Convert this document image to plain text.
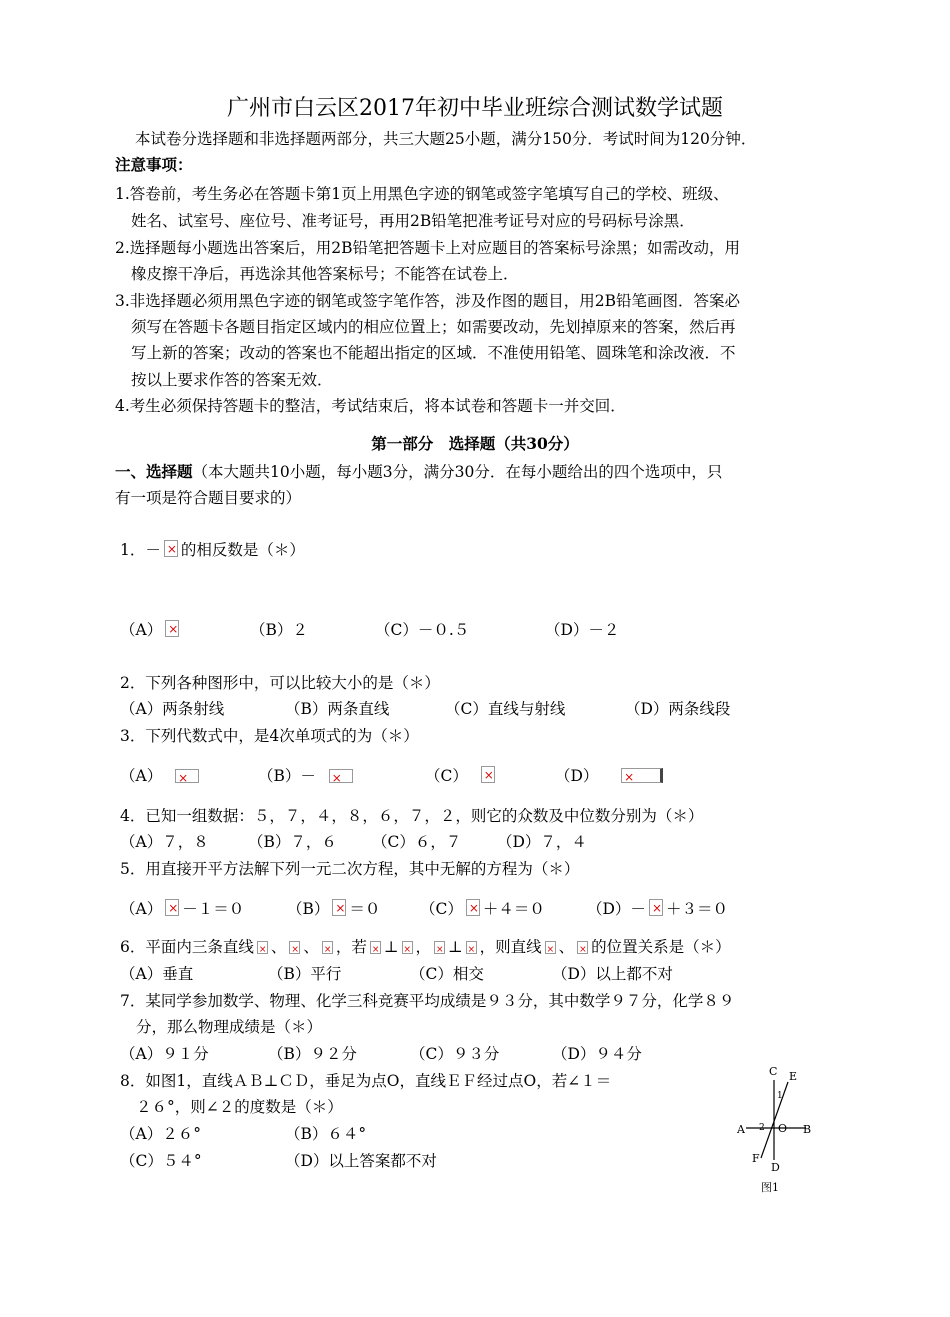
广州市白云区2017年初中毕业班综合测试数学试题
本试卷分选择题和非选择题两部分，共三大题25小题，满分150分．考试时间为120分钟．
注意事项：
1.答卷前，考生务必在答题卡第1页上用黑色字迹的钢笔或签字笔填写自己的学校、班级、
姓名、试室号、座位号、准考证号，再用2B铅笔把准考证号对应的号码标号涂黑．
2.选择题每小题选出答案后，用2B铅笔把答题卡上对应题目的答案标号涂黑；如需改动，用
橡皮擦干净后，再选涂其他答案标号；不能答在试卷上．
3.非选择题必须用黑色字迹的钢笔或签字笔作答，涉及作图的题目，用2B铅笔画图．答案必
须写在答题卡各题目指定区域内的相应位置上；如需要改动，先划掉原来的答案，然后再
写上新的答案；改动的答案也不能超出指定的区域．不准使用铅笔、圆珠笔和涂改液．不
按以上要求作答的答案无效．
4.考生必须保持答题卡的整洁，考试结束后，将本试卷和答题卡一并交回．
第一部分　选择题（共30分）
一、选择题（本大题共10小题，每小题3分，满分30分．在每小题给出的四个选项中，只
有一项是符合题目要求的）
1．－ × 的相反数是（＊）
（A） ×	（B）２	（C）－０.５	（D）－２
2．下列各种图形中，可以比较大小的是（＊）
（A）两条射线	（B）两条直线	（C）直线与射线	（D）两条线段
3．下列代数式中，是4次单项式的为（＊）
（A） ×	（B）－ ×	（C） ×	（D）    ×
4．已知一组数据：５，７，４，８，６，７，２，则它的众数及中位数分别为（＊）
（A）７，８	（B）７，６ （C）６，７ （D）７，４
5．用直接开平方法解下列一元二次方程，其中无解的方程为（＊）
（A） × －１＝０	（B） × ＝０	（C） × ＋４＝０	（D）－ × ＋３＝０
6．平面内三条直线 × 、 × 、 × ，若 × ⊥ × ， × ⊥ × ，则直线 × 、 × 的位置关系是（＊）
（A）垂直	（B）平行	（C）相交	（D）以上都不对
7．某同学参加数学、物理、化学三科竞赛平均成绩是９３分，其中数学９７分，化学８９
分，那么物理成绩是（＊）
（A）９１分	（B）９２分	（C）９３分	（D）９４分
8．如图1，直线ＡＢ⊥ＣＤ，垂足为点O，直线ＥＦ经过点O，若∠１＝
２６°，则∠２的度数是（＊）
（A）２６°	（B）６４°
（C）５４°	（D）以上答案都不对
C E
1
A 2 O B
F
D
图1
